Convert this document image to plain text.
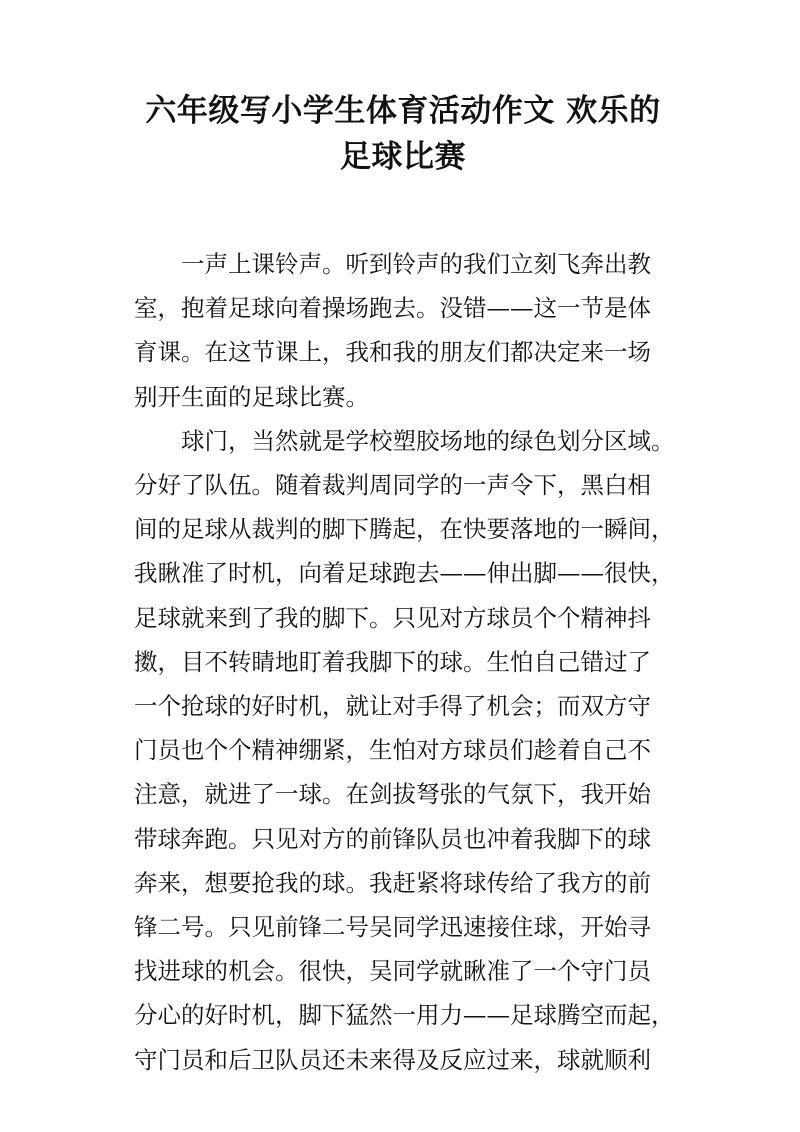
六年级写小学生体育活动作文 欢乐的
足球比赛

一声上课铃声。听到铃声的我们立刻飞奔出教
室，抱着足球向着操场跑去。没错——这一节是体
育课。在这节课上，我和我的朋友们都决定来一场
别开生面的足球比赛。

球门，当然就是学校塑胶场地的绿色划分区域。
分好了队伍。随着裁判周同学的一声令下，黑白相
间的足球从裁判的脚下腾起，在快要落地的一瞬间，
我瞅准了时机，向着足球跑去——伸出脚——很快，
足球就来到了我的脚下。只见对方球员个个精神抖
擞，目不转睛地盯着我脚下的球。生怕自己错过了
一个抢球的好时机，就让对手得了机会；而双方守
门员也个个精神绷紧，生怕对方球员们趁着自己不
注意，就进了一球。在剑拔弩张的气氛下，我开始
带球奔跑。只见对方的前锋队员也冲着我脚下的球
奔来，想要抢我的球。我赶紧将球传给了我方的前
锋二号。只见前锋二号吴同学迅速接住球，开始寻
找进球的机会。很快，吴同学就瞅准了一个守门员
分心的好时机，脚下猛然一用力——足球腾空而起，
守门员和后卫队员还未来得及反应过来，球就顺利
